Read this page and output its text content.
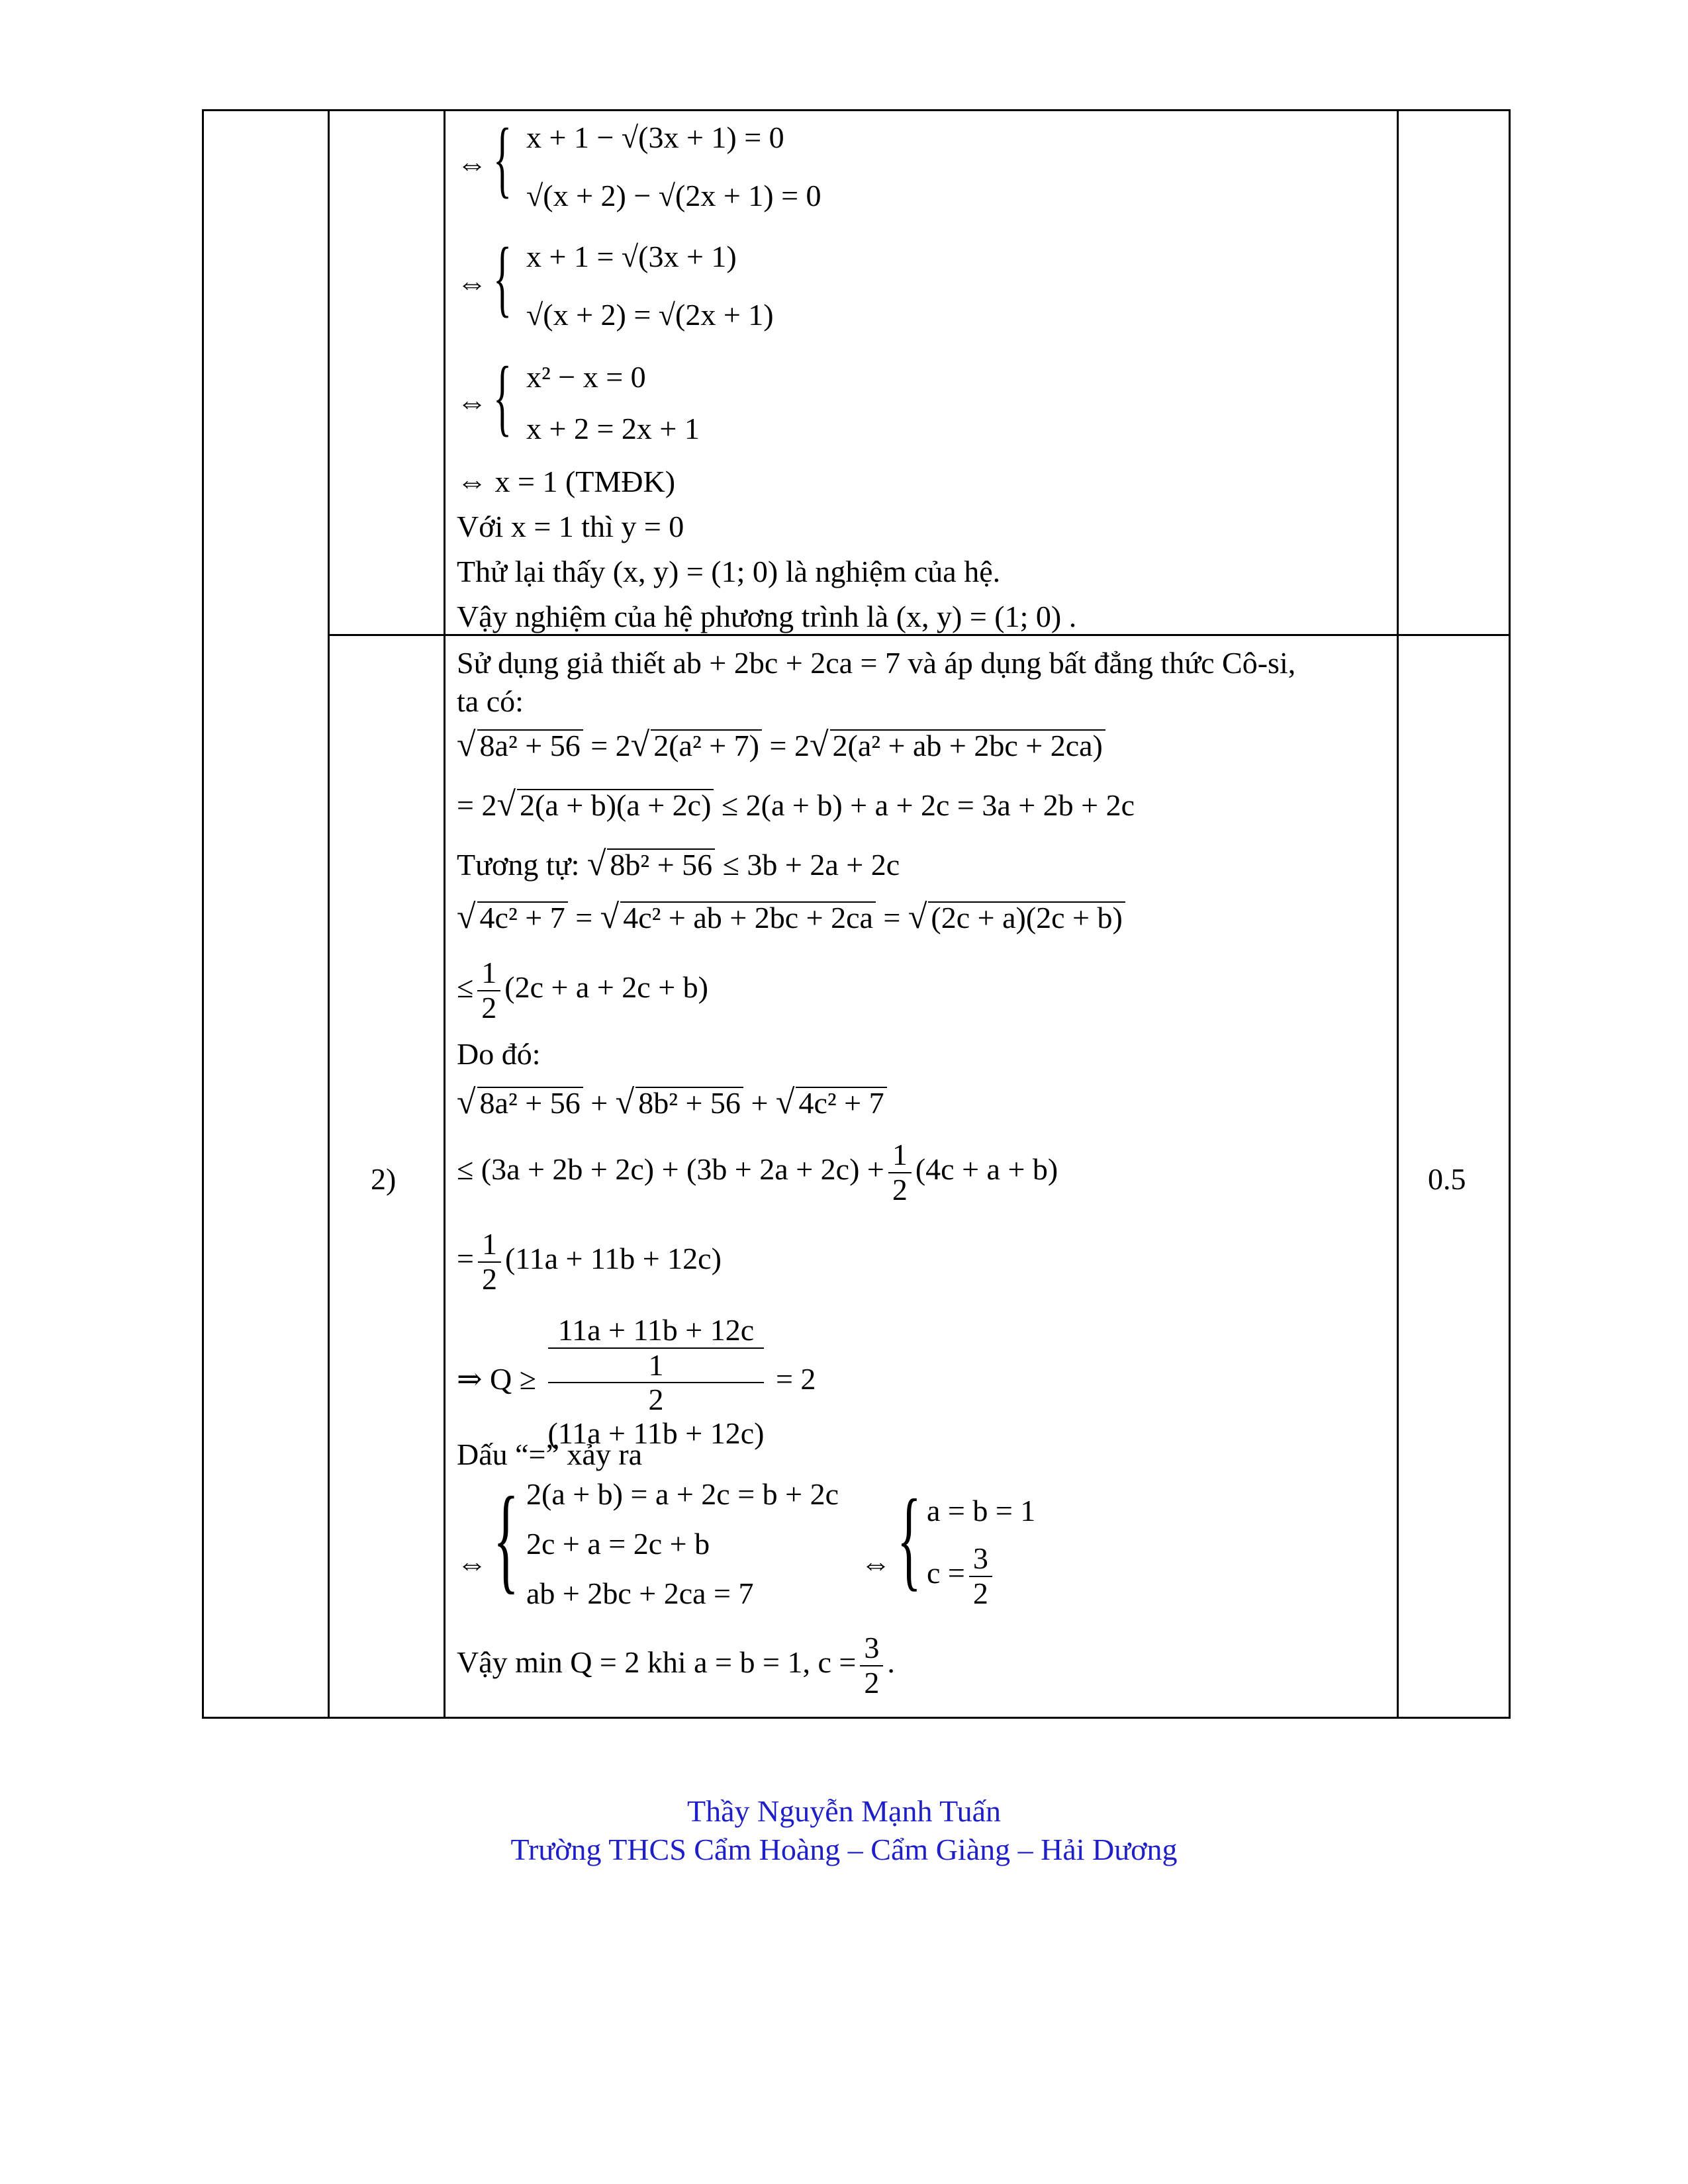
⇔ { x + 1 − √(3x + 1) = 0
√(x + 2) − √(2x + 1) = 0
⇔ { x + 1 = √(3x + 1)
√(x + 2) = √(2x + 1)
⇔ { x² − x = 0
x + 2 = 2x + 1
⇔ x = 1 (TMĐK)
Với x = 1 thì y = 0
Thử lại thấy (x, y) = (1; 0) là nghiệm của hệ.
Vậy nghiệm của hệ phương trình là (x, y) = (1; 0) .
2)	0.5
Sử dụng giả thiết ab + 2bc + 2ca = 7 và áp dụng bất đẳng thức Cô-si,
ta có:
√ 8a² + 56 = 2√ 2(a² + 7) = 2√ 2(a² + ab + 2bc + 2ca)
= 2√ 2(a + b)(a + 2c) ≤ 2(a + b) + a + 2c = 3a + 2b + 2c
Tương tự: √ 8b² + 56 ≤ 3b + 2a + 2c
√ 4c² + 7 = √ 4c² + ab + 2bc + 2ca = √ (2c + a)(2c + b)
≤ $\frac{1}{2} (2c + a + 2c + b)$
Do đó:
√ 8a² + 56 + √ 8b² + 56 + √ 4c² + 7
≤ $(3a + 2b + 2c) + (3b + 2a + 2c) + \frac{1}{2} (4c + a + b)$
= $\frac{1}{2} (11a + 11b + 12c)$
⇒ Q ≥ 11a + 11b + 12c
1
2
(11a + 11b + 12c) = 2
Dấu “=” xảy ra
⇔ { 2(a + b) = a + 2c = b + 2c
2c + a = 2c + b
ab + 2bc + 2ca = 7
⇔ { a = b = 1
$c = \frac{3}{2}$
Vậy min Q = 2 khi a = b = 1, $c = \frac{3}{2}$ .
Thầy Nguyễn Mạnh Tuấn
Trường THCS Cẩm Hoàng – Cẩm Giàng – Hải Dương
